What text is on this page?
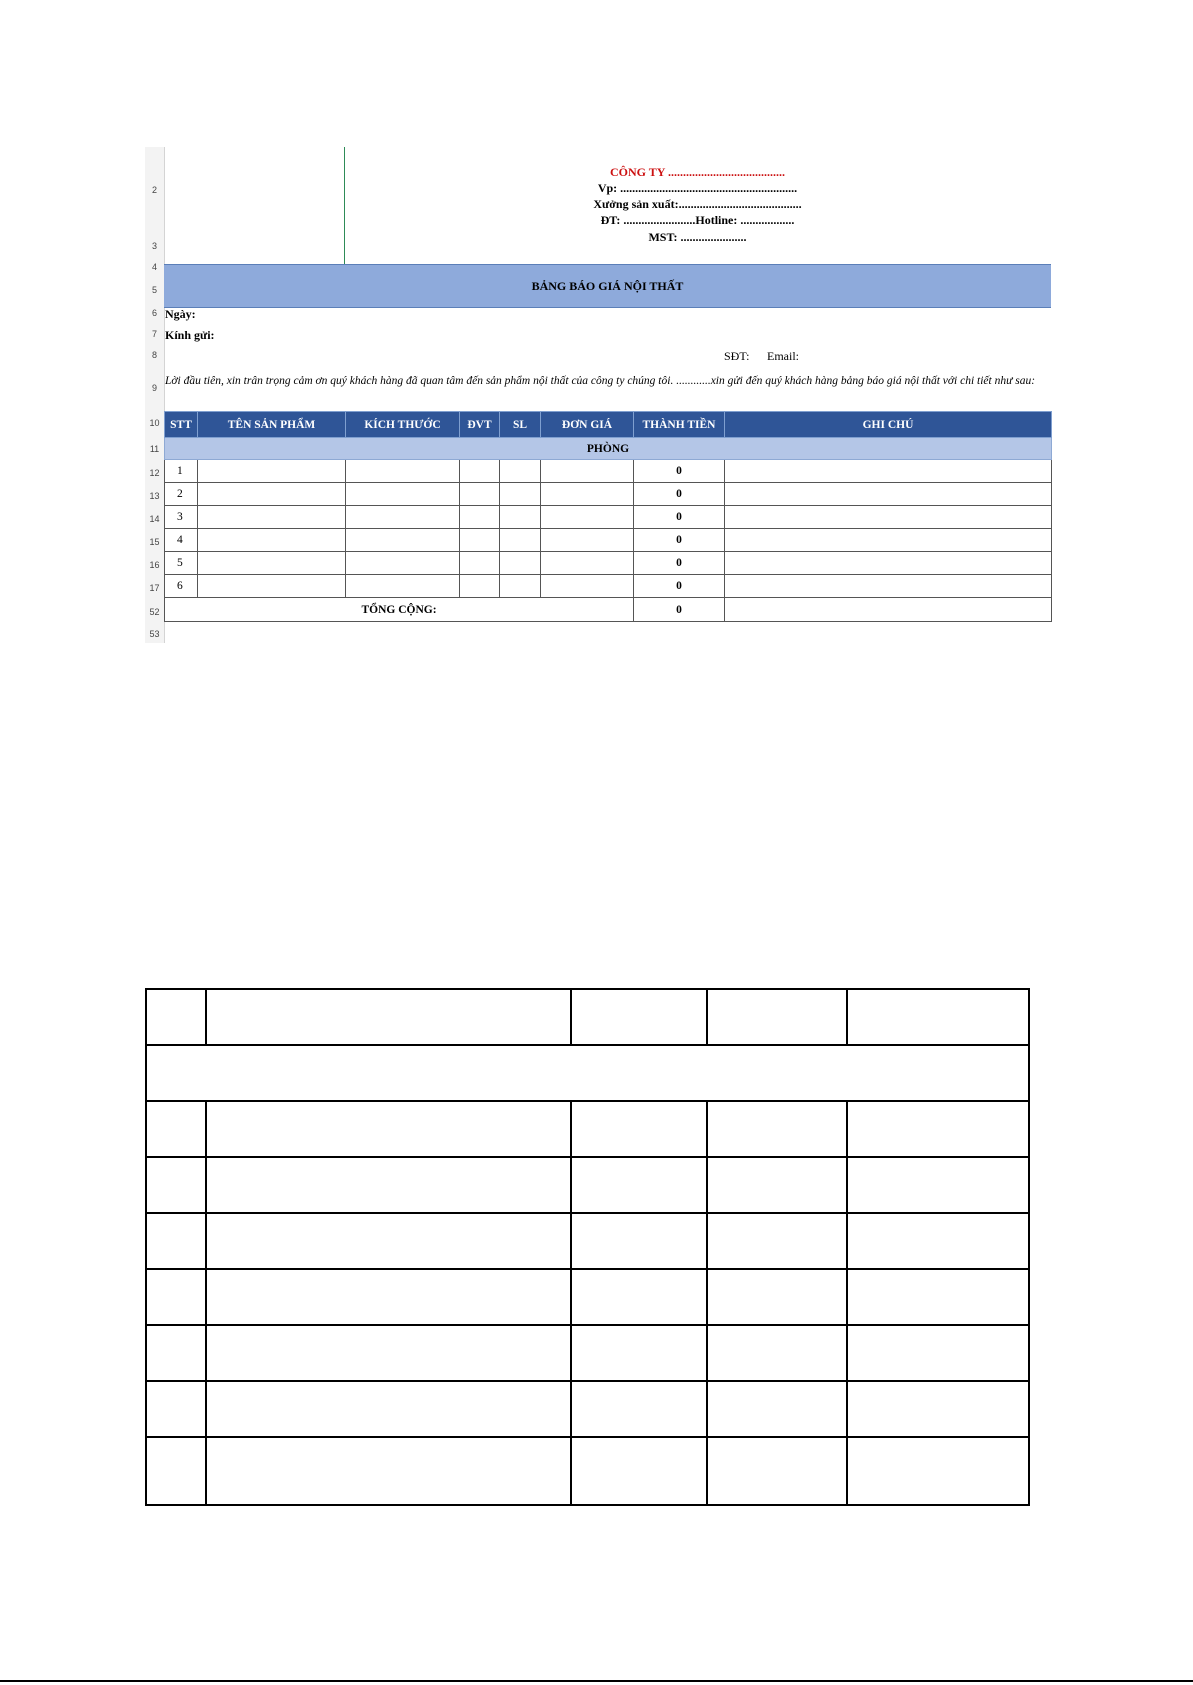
2
3
4
5
6
7
8
9
10
11
12
13
14
15
16
17
52
53
CÔNG TY .......................................
Vp: ...........................................................
Xưởng sản xuất:.........................................
ĐT: ........................Hotline: ..................
MST: ......................
BẢNG BÁO GIÁ NỘI THẤT
Ngày:
Kính gửi:
SĐT: Email:
Lời đầu tiên, xin trân trọng cảm ơn quý khách hàng đã quan tâm đến sản phẩm nội thất của công ty chúng tôi. ............xin gửi đến quý khách hàng bảng báo giá nội thất với chi tiết như sau:
STT	TÊN SẢN PHẨM	KÍCH THƯỚC	ĐVT	SL	ĐƠN GIÁ	THÀNH TIỀN	GHI CHÚ
PHÒNG							
1						0	
2						0	
3						0	
4						0	
5						0	
6						0	
TỔNG CỘNG:						0	
